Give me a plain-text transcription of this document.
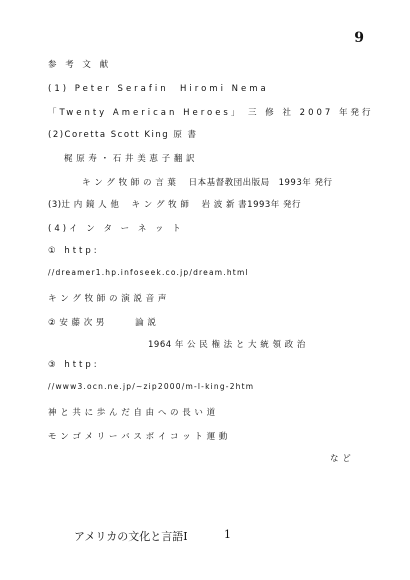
9
参 考 文 献
(1) Peter Serafin  Hiromi Nema
「Twenty American Heroes」 三 修 社 2007 年発行
(2)Coretta Scott King 原 書
梶 原 寿 ・ 石 井 美 恵 子 翻 訳
キ ン グ 牧 師 の 言 葉　 日本基督教団出版局　1993年 発行
(3)辻 内 鏡 人 他　 キ ン グ 牧 師　 岩 波 新 書1993年 発行
(4)イ ン タ ー ネ ッ ト
① http:
//dreamer1.hp.infoseek.co.jp/dream.html
キ ン グ 牧 師 の 演 説 音 声
② 安 藤 次 男　　　 論 説
1964 年 公 民 権 法 と 大 統 領 政 治
③ http:
//www3.ocn.ne.jp/~zip2000/m-l-king-2htm
神 と 共 に 歩 ん だ 自 由 へ の 長 い 道
モ ン ゴ メ リ ー バ ス ボ イ コ ッ ト 運 動
な ど
アメリカの文化と言語Ⅰ	1
